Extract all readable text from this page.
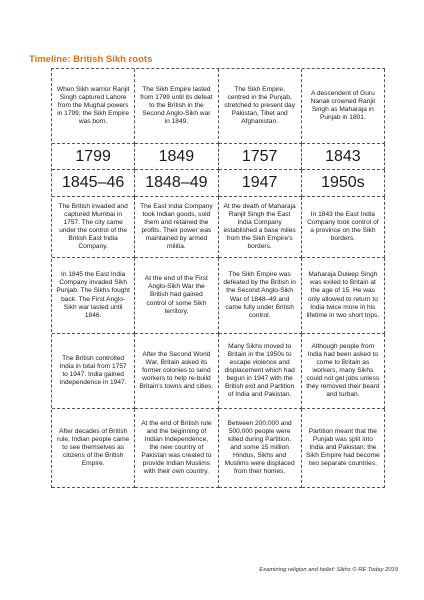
Timeline: British Sikh roots
When Sikh warrior Ranjit Singh captured Lahore from the Mughal powers in 1799, the Sikh Empire was born.
The Sikh Empire lasted from 1799 until its defeat to the British in the Second Anglo-Sikh war in 1849.
The Sikh Empire, centred in the Punjab, stretched to present day Pakistan, Tibet and Afghanistan.
A descendent of Guru Nanak crowned Ranjit Singh as Maharaja in Punjab in 1801.
1799	1849	1757	1843
1845–46	1848–49	1947	1950s
The British invaded and captured Mumbai in 1757. The city came under the control of the British East India Company.
The East India Company took Indian goods, sold them and retained the profits. Their power was maintained by armed militia.
At the death of Maharaja Ranjit Singh the East India Company established a base miles from the Sikh Empire's borders.
In 1843 the East India Company took control of a province on the Sikh borders.
In 1845 the East India Company invaded Sikh Punjab. The Sikhs fought back. The First Anglo-Sikh war lasted until 1846.
At the end of the First Anglo-Sikh War the British had gained control of some Sikh territory.
The Sikh Empire was defeated by the British in the Second Anglo-Sikh War of 1848–49 and came fully under British control.
Maharaja Duleep Singh was exiled to Britain at the age of 15. He was only allowed to return to India twice more in his lifetime in two short trips.
The British controlled India in total from 1757 to 1947. India gained independence in 1947.
After the Second World War, Britain asked its former colonies to send workers to help re-build Britain's towns and cities.
Many Sikhs moved to Britain in the 1950s to escape violence and displacement which had begun in 1947 with the British exit and Partition of India and Pakistan.
Although people from India had been asked to come to Britain as workers, many Sikhs could not get jobs unless they removed their beard and turban.
After decades of British rule, Indian people came to see themselves as citizens of the British Empire.
At the end of British rule and the beginning of Indian Independence, the new country of Pakistan was created to provide Indian Muslims with their own country.
Between 200,000 and 500,000 people were killed during Partition, and some 15 million Hindus, Sikhs and Muslims were displaced from their homes.
Partition meant that the Punjab was split into India and Pakistan; the Sikh Empire had become two separate countries.
Examining religion and belief: Sikhs © RE Today 2019
